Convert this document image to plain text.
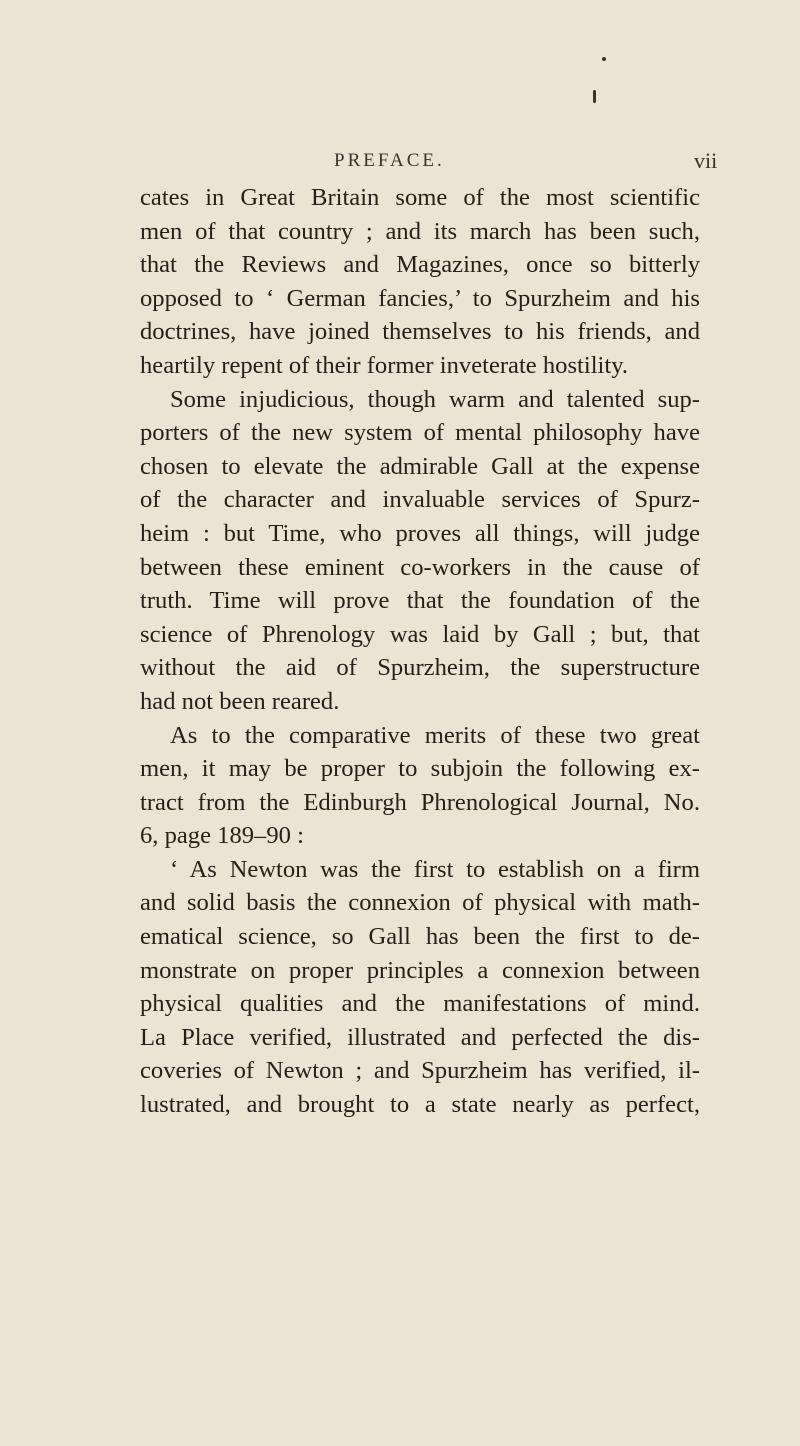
PREFACE.	vii
cates in Great Britain some of the most scientific
men of that country ; and its march has been such,
that the Reviews and Magazines, once so bitterly
opposed to ‘ German fancies,’ to Spurzheim and his
doctrines, have joined themselves to his friends, and
heartily repent of their former inveterate hostility.
Some injudicious, though warm and talented sup-
porters of the new system of mental philosophy have
chosen to elevate the admirable Gall at the expense
of the character and invaluable services of Spurz-
heim : but Time, who proves all things, will judge
between these eminent co-workers in the cause of
truth. Time will prove that the foundation of the
science of Phrenology was laid by Gall ; but, that
without the aid of Spurzheim, the superstructure
had not been reared.
As to the comparative merits of these two great
men, it may be proper to subjoin the following ex-
tract from the Edinburgh Phrenological Journal, No.
6, page 189–90 :
‘ As Newton was the first to establish on a firm
and solid basis the connexion of physical with math-
ematical science, so Gall has been the first to de-
monstrate on proper principles a connexion between
physical qualities and the manifestations of mind.
La Place verified, illustrated and perfected the dis-
coveries of Newton ; and Spurzheim has verified, il-
lustrated, and brought to a state nearly as perfect,
